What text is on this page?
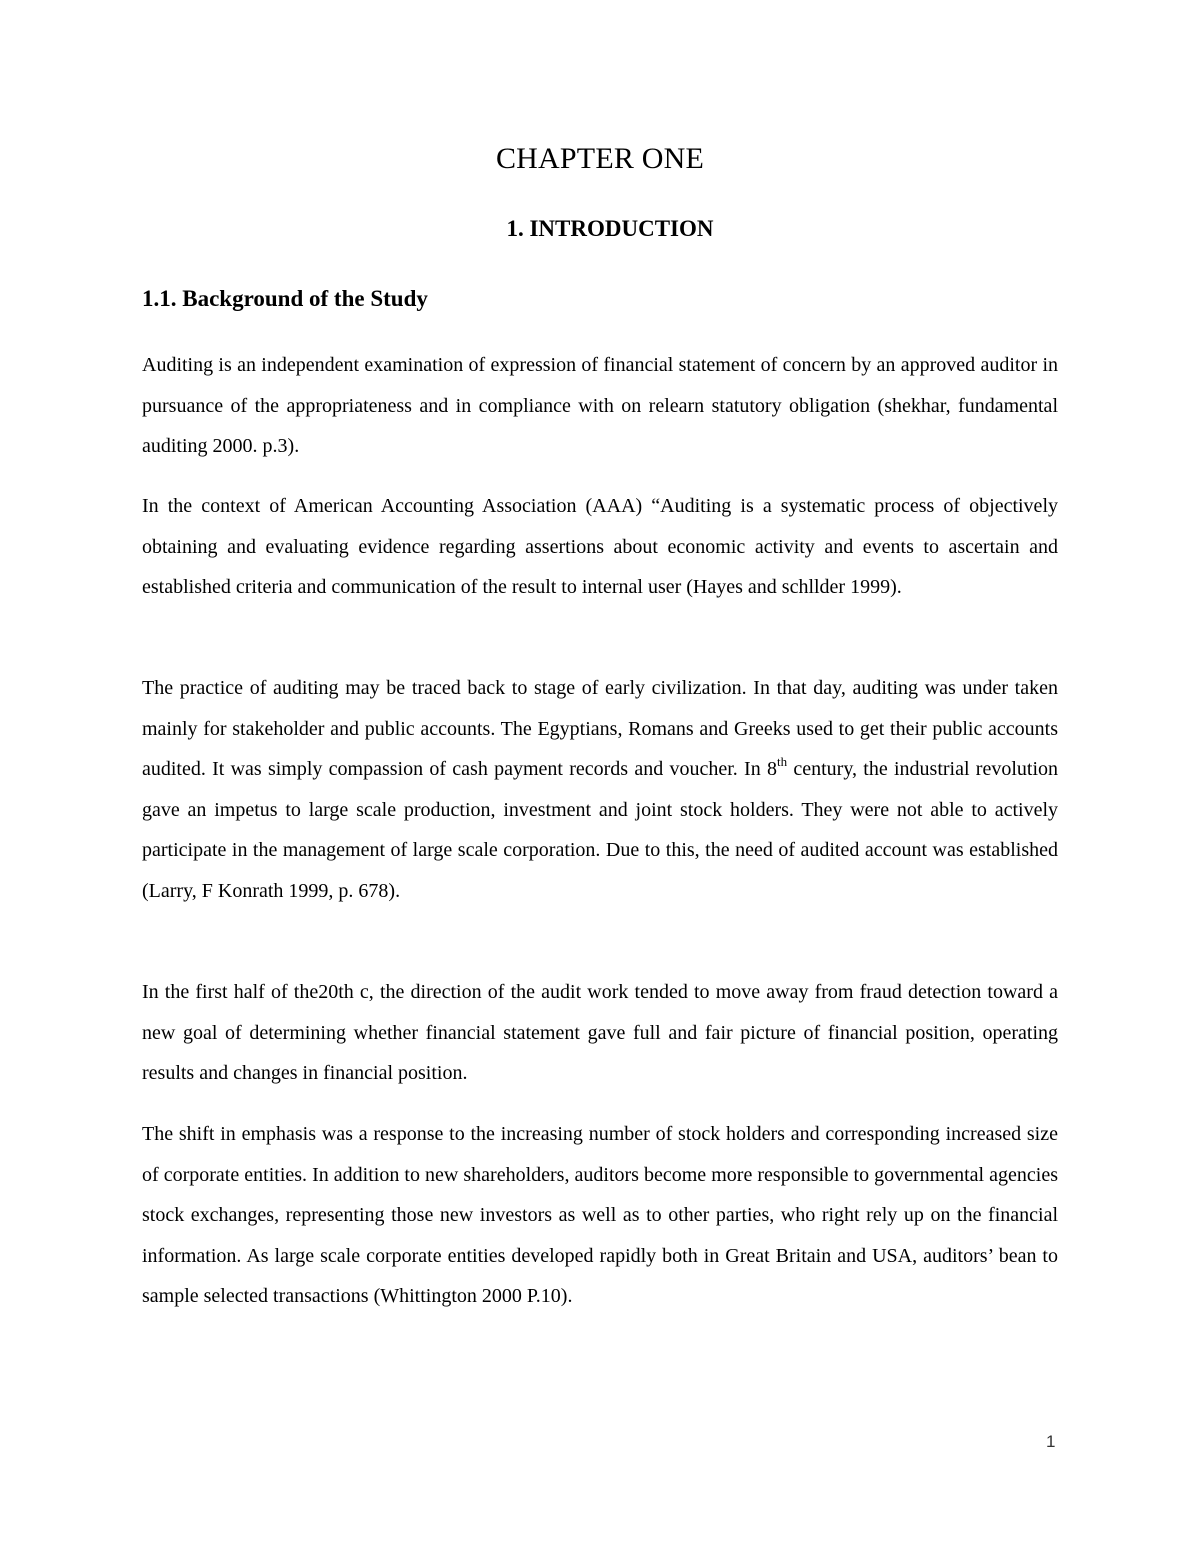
CHAPTER ONE
1. INTRODUCTION
1.1. Background of the Study

Auditing is an independent examination of expression of financial statement of concern by an approved auditor in pursuance of the appropriateness and in compliance with on relearn statutory obligation (shekhar, fundamental auditing 2000. p.3).

In the context of American Accounting Association (AAA) “Auditing is a systematic process of objectively obtaining and evaluating evidence regarding assertions about economic activity and events to ascertain and established criteria and communication of the result to internal user (Hayes and schllder 1999).

The practice of auditing may be traced back to stage of early civilization. In that day, auditing was under taken mainly for stakeholder and public accounts. The Egyptians, Romans and Greeks used to get their public accounts audited. It was simply compassion of cash payment records and voucher. In 8th century, the industrial revolution gave an impetus to large scale production, investment and joint stock holders. They were not able to actively participate in the management of large scale corporation. Due to this, the need of audited account was established (Larry, F Konrath 1999, p. 678).

In the first half of the20th c, the direction of the audit work tended to move away from fraud detection toward a new goal of determining whether financial statement gave full and fair picture of financial position, operating results and changes in financial position.

The shift in emphasis was a response to the increasing number of stock holders and corresponding increased size of corporate entities. In addition to new shareholders, auditors become more responsible to governmental agencies stock exchanges, representing those new investors as well as to other parties, who right rely up on the financial information. As large scale corporate entities developed rapidly both in Great Britain and USA, auditors’ bean to sample selected transactions (Whittington 2000 P.10).

1
